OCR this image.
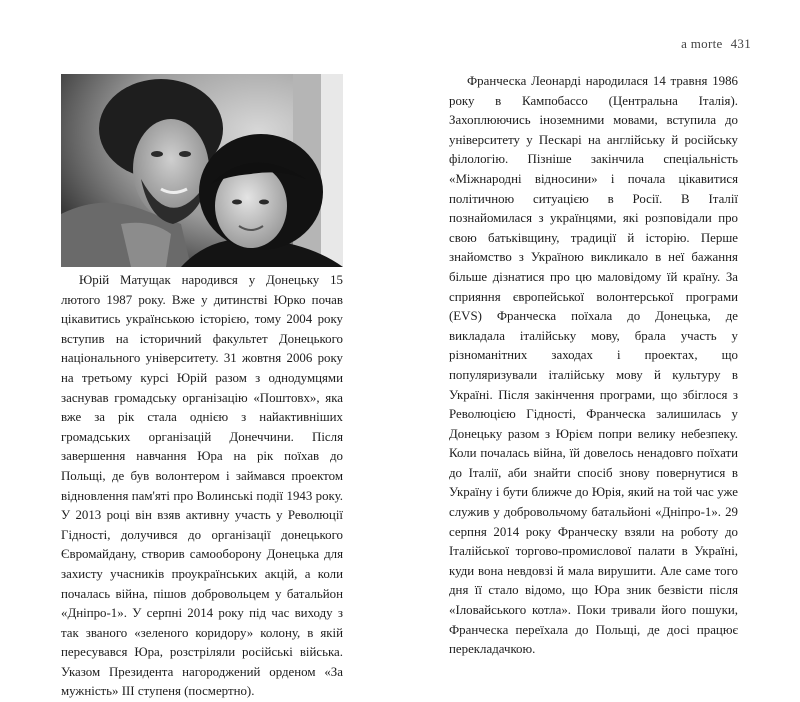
a morte 431

Юрій Матущак народився у Донецьку 15 лютого 1987 року. Вже у дитинстві Юрко почав цікавитись українською історією, тому 2004 року вступив на історичний факультет Донецького національного університету. 31 жовтня 2006 року на третьому курсі Юрій разом з однодумцями заснував громадську організацію «Поштовх», яка вже за рік стала однією з найактивніших громадських організацій Донеччини. Після завершення навчання Юра на рік поїхав до Польщі, де був волонтером і займався проектом відновлення пам'яті про Волинські події 1943 року. У 2013 році він взяв активну участь у Революції Гідності, долучився до організації донецького Євромайдану, створив самооборону Донецька для захисту учасників проукраїнських акцій, а коли почалась війна, пішов добровольцем у батальйон «Дніпро-1». У серпні 2014 року під час виходу з так званого «зеленого коридору» колону, в якій пересувався Юра, розстріляли російські війська. Указом Президента нагороджений орденом «За мужність» ІІІ ступеня (посмертно).

Франческа Леонарді народилася 14 травня 1986 року в Кампобассо (Центральна Італія). Захоплюючись іноземними мовами, вступила до університету у Пескарі на англійську й російську філологію. Пізніше закінчила спеціальність «Міжнародні відносини» і почала цікавитися політичною ситуацією в Росії. В Італії познайомилася з українцями, які розповідали про свою батьківщину, традиції й історію. Перше знайомство з Україною викликало в неї бажання більше дізнатися про цю маловідому їй країну. За сприяння європейської волонтерської програми (EVS) Франческа поїхала до Донецька, де викладала італійську мову, брала участь у різноманітних заходах і проектах, що популяризували італійську мову й культуру в Україні. Після закінчення програми, що збіглося з Революцією Гідності, Франческа залишилась у Донецьку разом з Юрієм попри велику небезпеку. Коли почалась війна, їй довелось ненадовго поїхати до Італії, аби знайти спосіб знову повернутися в Україну і бути ближче до Юрія, який на той час уже служив у добровольчому батальйоні «Дніпро-1». 29 серпня 2014 року Франческу взяли на роботу до Італійської торгово-промислової палати в Україні, куди вона невдовзі й мала вирушити. Але саме того дня її стало відомо, що Юра зник безвісти після «Іловайського котла». Поки тривали його пошуки, Франческа переїхала до Польщі, де досі працює перекладачкою.
